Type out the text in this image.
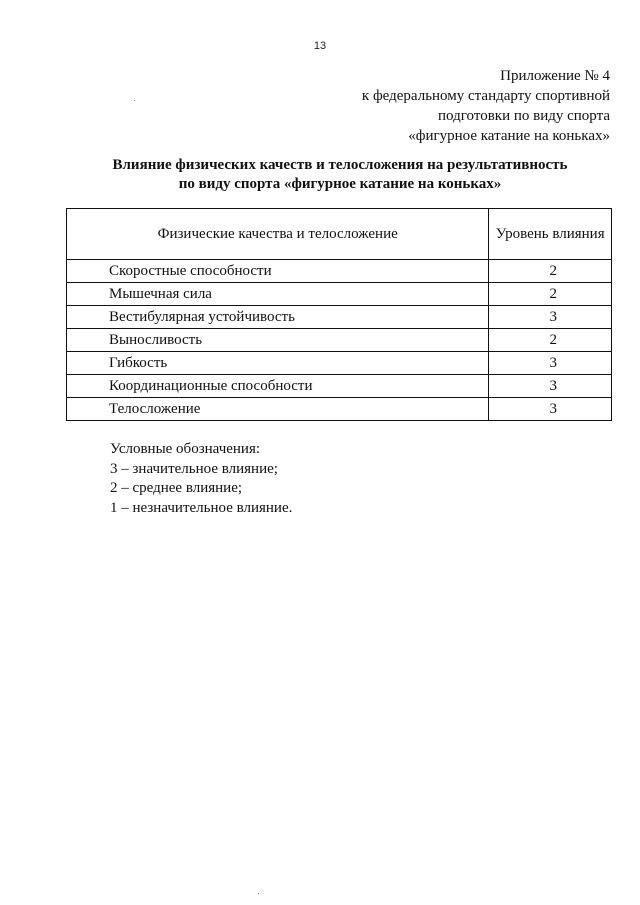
13
Приложение № 4
к федеральному стандарту спортивной
подготовки по виду спорта
«фигурное катание на коньках»
Влияние физических качеств и телосложения на результативность
по виду спорта «фигурное катание на коньках»
Физические качества и телосложение	Уровень влияния
Скоростные способности	2
Мышечная сила	2
Вестибулярная устойчивость	3
Выносливость	2
Гибкость	3
Координационные способности	3
Телосложение	3
Условные обозначения:
3 – значительное влияние;
2 – среднее влияние;
1 – незначительное влияние.
